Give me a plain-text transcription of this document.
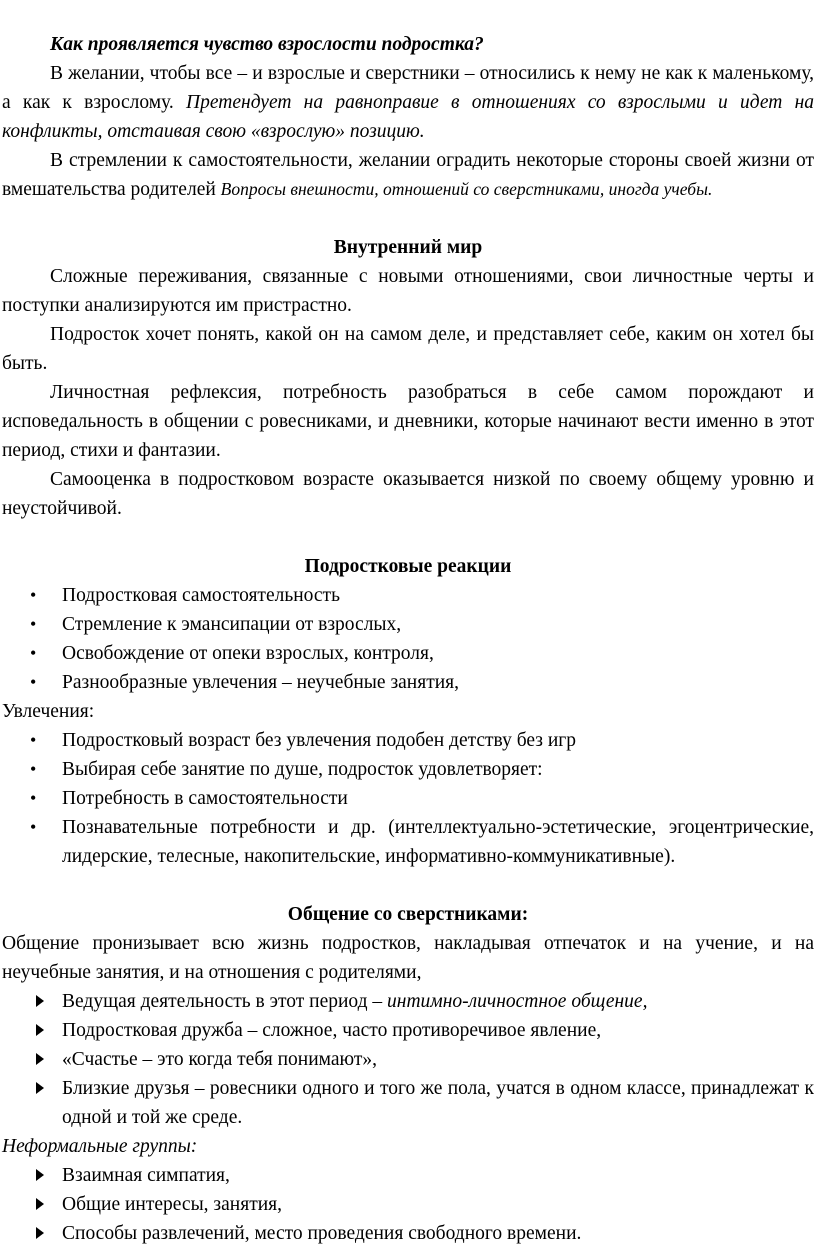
Как проявляется чувство взрослости подростка?

В желании, чтобы все – и взрослые и сверстники – относились к нему не как к маленькому, а как к взрослому. Претендует на равноправие в отношениях со взрослыми и идет на конфликты, отстаивая свою «взрослую» позицию.

В стремлении к самостоятельности, желании оградить некоторые стороны своей жизни от вмешательства родителей Вопросы внешности, отношений со сверстниками, иногда учебы.

Внутренний мир

Сложные переживания, связанные с новыми отношениями, свои личностные черты и поступки анализируются им пристрастно.

Подросток хочет понять, какой он на самом деле, и представляет себе, каким он хотел бы быть.

Личностная рефлексия, потребность разобраться в себе самом порождают и исповедальность в общении с ровесниками, и дневники, которые начинают вести именно в этот период, стихи и фантазии.

Самооценка в подростковом возрасте оказывается низкой по своему общему уровню и неустойчивой.

Подростковые реакции

• Подростковая самостоятельность
• Стремление к эмансипации от взрослых,
• Освобождение от опеки взрослых, контроля,
• Разнообразные увлечения – неучебные занятия,

Увлечения:

• Подростковый возраст без увлечения подобен детству без игр
• Выбирая себе занятие по душе, подросток удовлетворяет:
• Потребность в самостоятельности
• Познавательные потребности и др. (интеллектуально-эстетические, эгоцентрические, лидерские, телесные, накопительские, информативно-коммуникативные).

Общение со сверстниками:

Общение пронизывает всю жизнь подростков, накладывая отпечаток и на учение, и на неучебные занятия, и на отношения с родителями,

Ведущая деятельность в этот период – интимно-личностное общение,
Подростковая дружба – сложное, часто противоречивое явление,
«Счастье – это когда тебя понимают»,
Близкие друзья – ровесники одного и того же пола, учатся в одном классе, принадлежат к одной и той же среде.

Неформальные группы:

Взаимная симпатия,
Общие интересы, занятия,
Способы развлечений, место проведения свободного времени.
